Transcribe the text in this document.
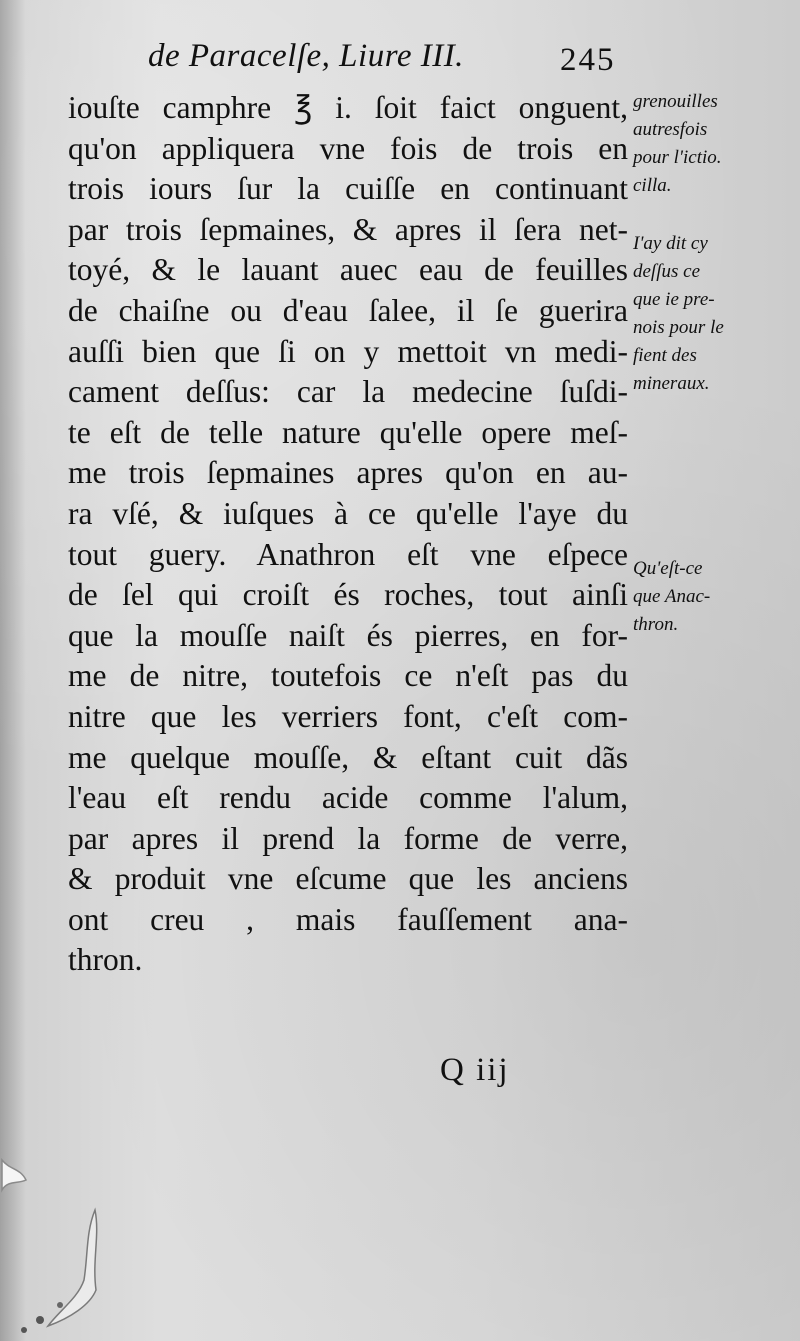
de Paracelſe, Liure III.	245
iouſte camphre ℥ i. ſoit faict onguent,
qu'on appliquera vne fois de trois en
trois iours ſur la cuiſſe en continuant
par trois ſepmaines, & apres il ſera net-
toyé, & le lauant auec eau de feuilles
de chaiſne ou d'eau ſalee, il ſe guerira
auſſi bien que ſi on y mettoit vn medi-
cament deſſus: car la medecine ſuſdi-
te eſt de telle nature qu'elle opere meſ-
me trois ſepmaines apres qu'on en au-
ra vſé, & iuſques à ce qu'elle l'aye du
tout guery. Anathron eſt vne eſpece
de ſel qui croiſt és roches, tout ainſi
que la mouſſe naiſt és pierres, en for-
me de nitre, toutefois ce n'eſt pas du
nitre que les verriers font, c'eſt com-
me quelque mouſſe, & eſtant cuit dãs
l'eau eſt rendu acide comme l'alum,
par apres il prend la forme de verre,
& produit vne eſcume que les anciens
ont creu , mais fauſſement ana-
thron.
grenouilles
autresfois
pour l'ictio.
cilla.
I'ay dit cy
deſſus ce
que ie pre-
nois pour le
fient des
mineraux.
Qu'eſt-ce
que Anac-
thron.
Q iij
